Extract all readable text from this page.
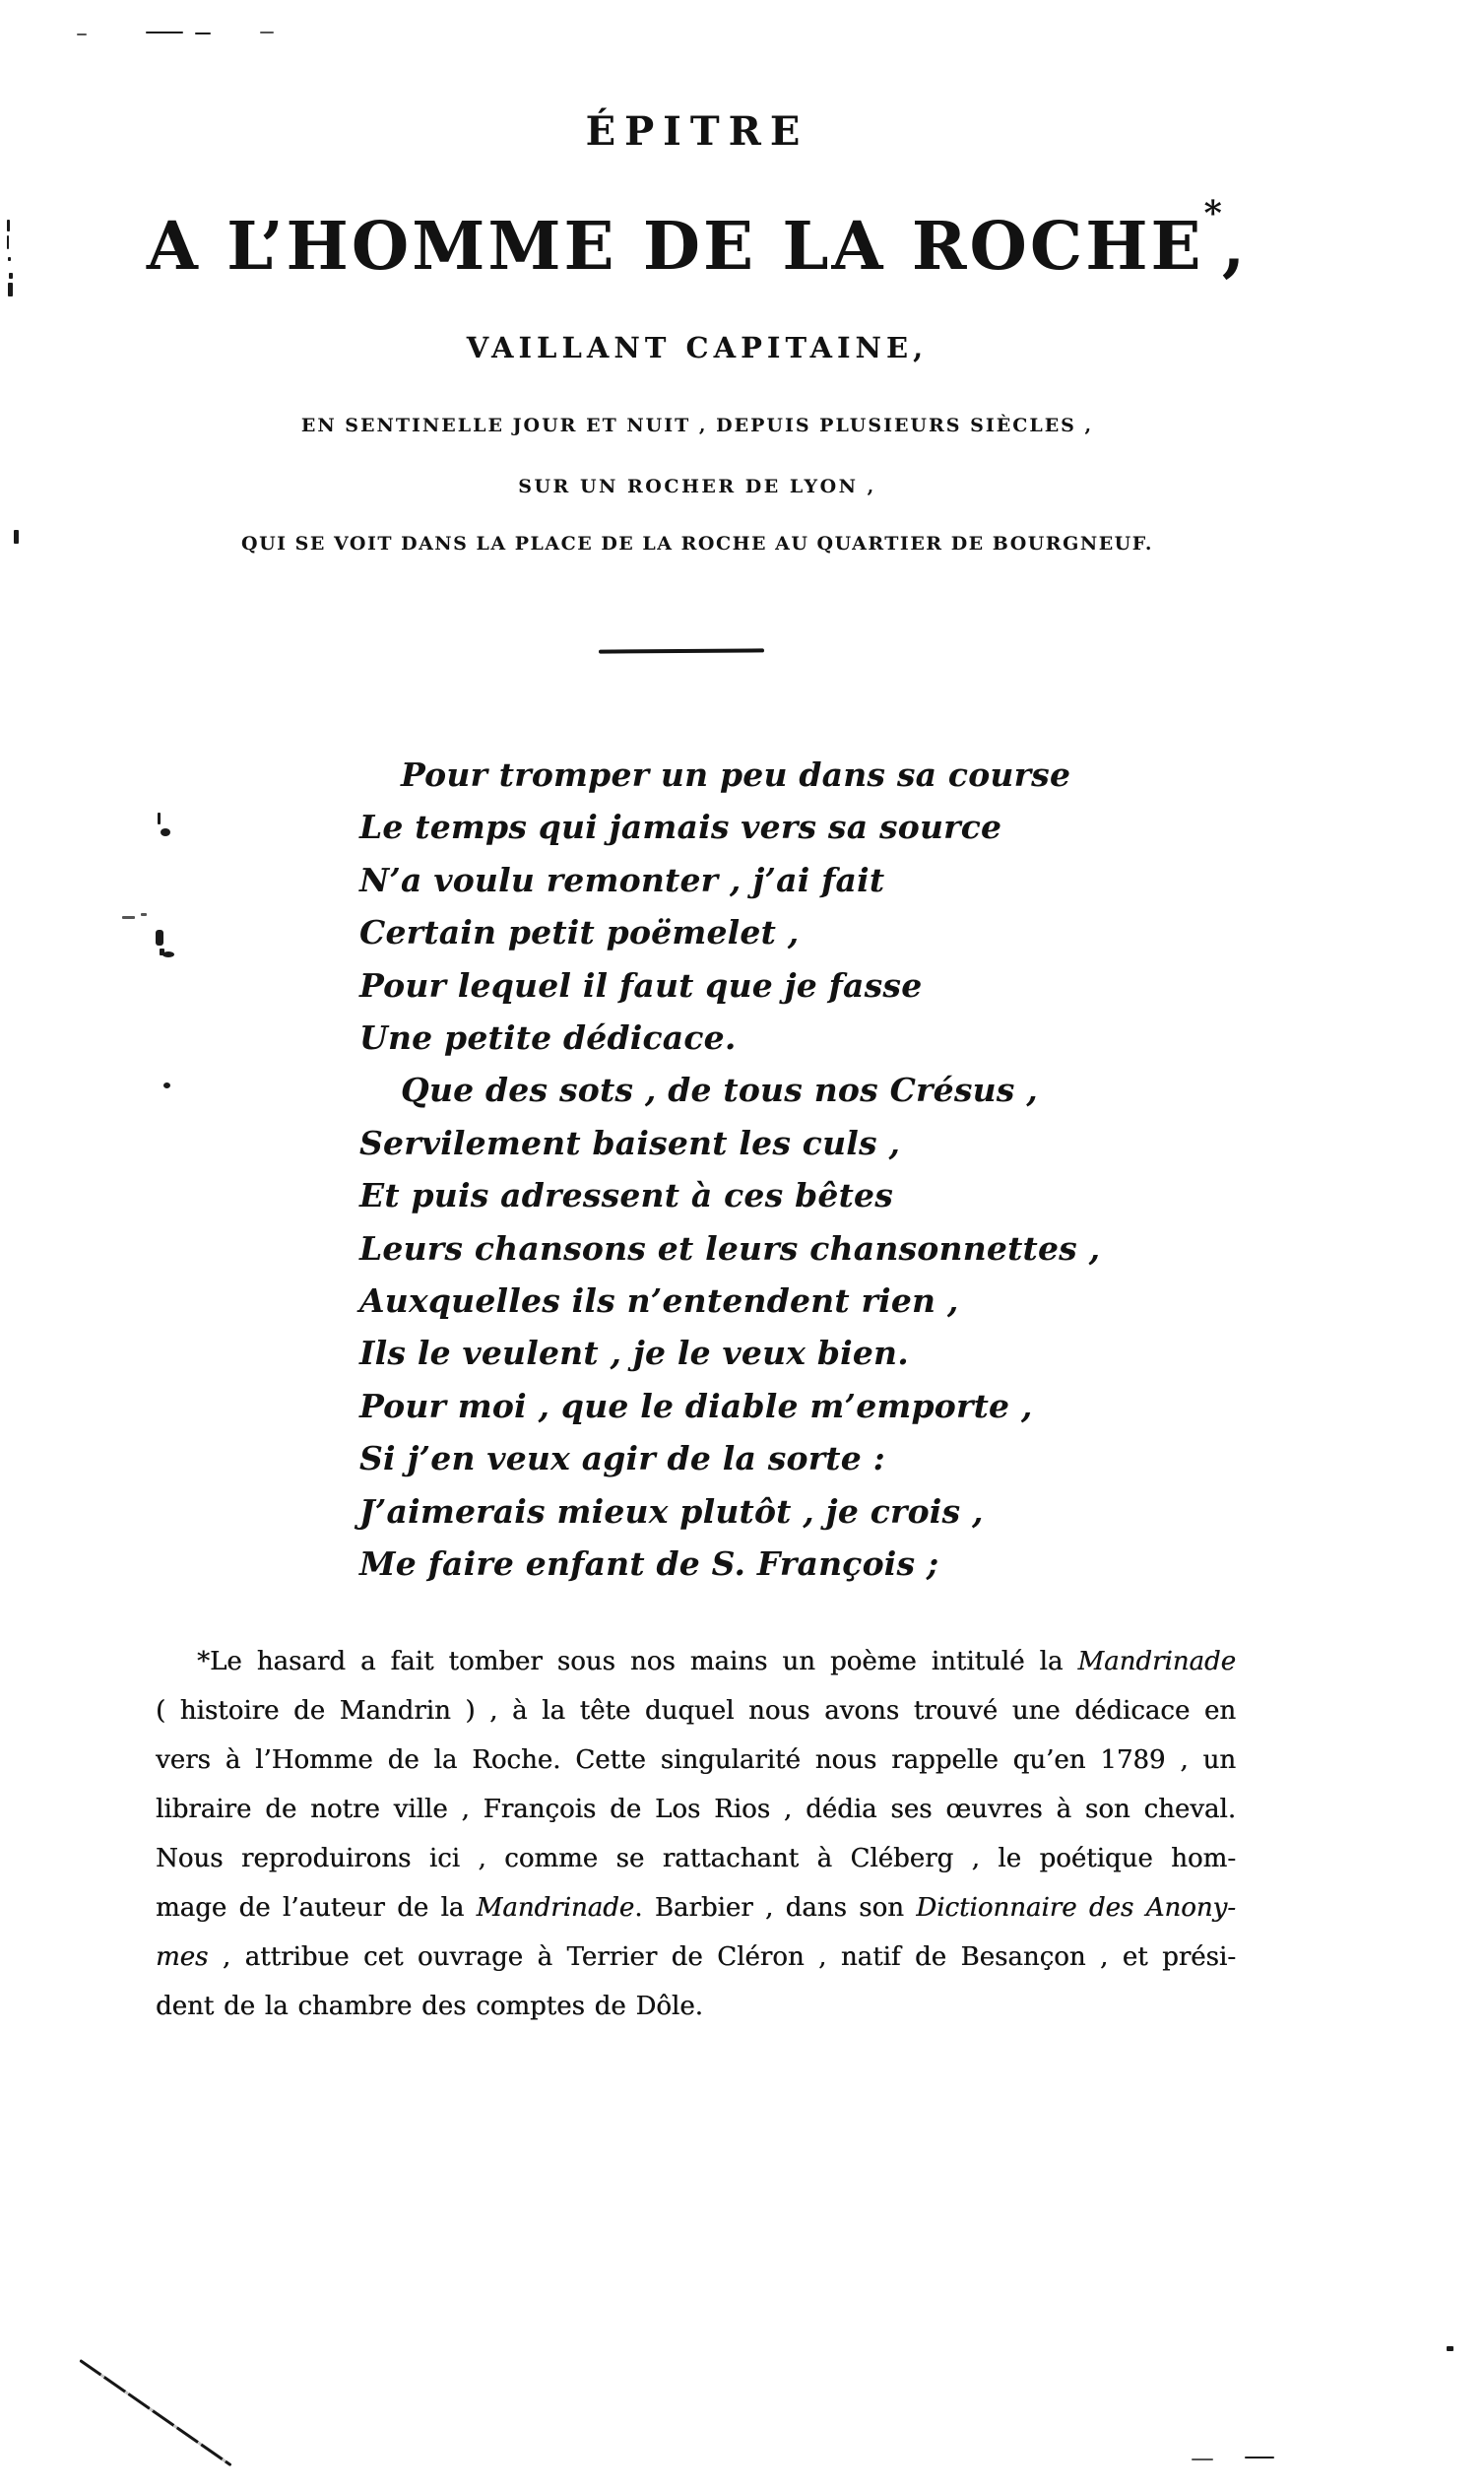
ÉPITRE
A L’HOMME DE LA ROCHE*,
VAILLANT CAPITAINE,
EN SENTINELLE JOUR ET NUIT , DEPUIS PLUSIEURS SIÈCLES ,
SUR UN ROCHER DE LYON ,
QUI SE VOIT DANS LA PLACE DE LA ROCHE AU QUARTIER DE BOURGNEUF.
Pour tromper un peu dans sa course
Le temps qui jamais vers sa source
N’a voulu remonter , j’ai fait
Certain petit poëmelet ,
Pour lequel il faut que je fasse
Une petite dédicace.
Que des sots , de tous nos Crésus ,
Servilement baisent les culs ,
Et puis adressent à ces bêtes
Leurs chansons et leurs chansonnettes ,
Auxquelles ils n’entendent rien ,
Ils le veulent , je le veux bien.
Pour moi , que le diable m’emporte ,
Si j’en veux agir de la sorte :
J’aimerais mieux plutôt , je crois ,
Me faire enfant de S. François ;
*Le hasard a fait tomber sous nos mains un poème intitulé la Mandrinade
( histoire de Mandrin ) , à la tête duquel nous avons trouvé une dédicace en
vers à l’Homme de la Roche. Cette singularité nous rappelle qu’en 1789 , un
libraire de notre ville , François de Los Rios , dédia ses œuvres à son cheval.
Nous reproduirons ici , comme se rattachant à Cléberg , le poétique hom-
mage de l’auteur de la Mandrinade. Barbier , dans son Dictionnaire des Anony-
mes , attribue cet ouvrage à Terrier de Cléron , natif de Besançon , et prési-
dent de la chambre des comptes de Dôle.
